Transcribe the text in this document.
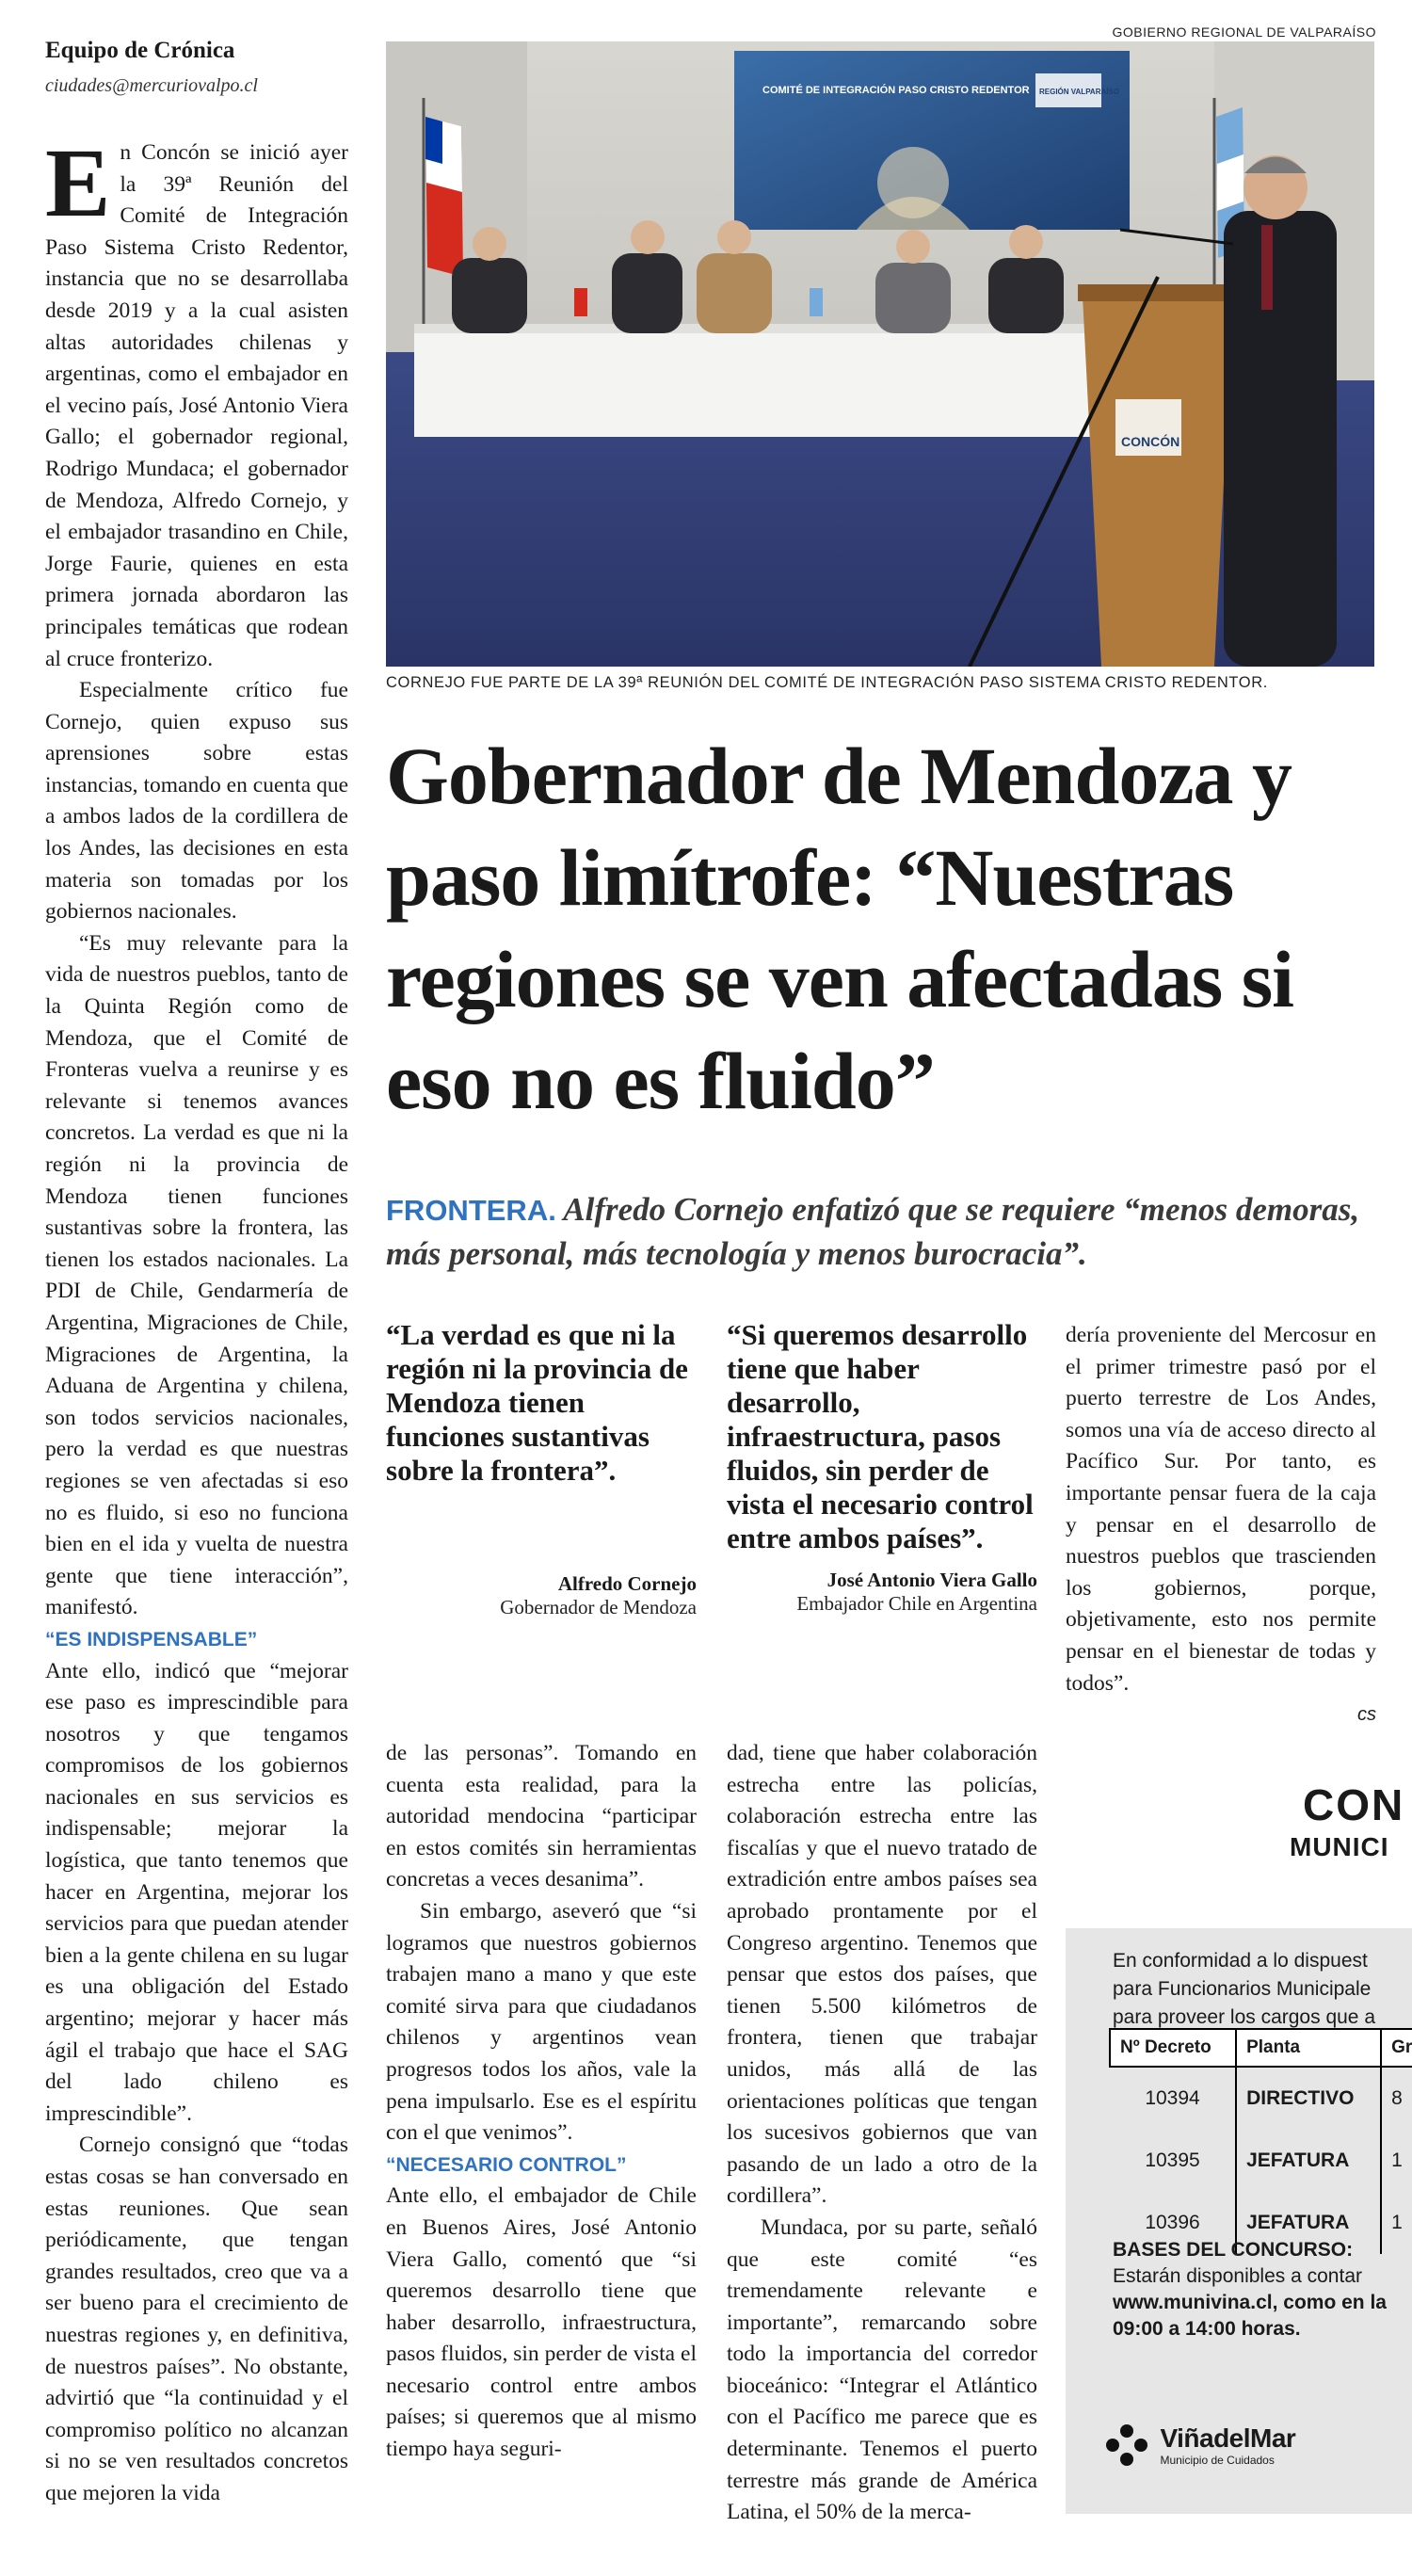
Equipo de Crónica
ciudades@mercuriovalpo.cl

En Concón se inició ayer la 39ª Reunión del Comité de Integración Paso Sistema Cristo Redentor, instancia que no se desarrollaba desde 2019 y a la cual asisten altas autoridades chilenas y argentinas, como el embajador en el vecino país, José Antonio Viera Gallo; el gobernador regional, Rodrigo Mundaca; el gobernador de Mendoza, Alfredo Cornejo, y el embajador trasandino en Chile, Jorge Faurie, quienes en esta primera jornada abordaron las principales temáticas que rodean al cruce fronterizo.

Especialmente crítico fue Cornejo, quien expuso sus aprensiones sobre estas instancias, tomando en cuenta que a ambos lados de la cordillera de los Andes, las decisiones en esta materia son tomadas por los gobiernos nacionales.

“Es muy relevante para la vida de nuestros pueblos, tanto de la Quinta Región como de Mendoza, que el Comité de Fronteras vuelva a reunirse y es relevante si tenemos avances concretos. La verdad es que ni la región ni la provincia de Mendoza tienen funciones sustantivas sobre la frontera, las tienen los estados nacionales. La PDI de Chile, Gendarmería de Argentina, Migraciones de Chile, Migraciones de Argentina, la Aduana de Argentina y chilena, son todos servicios nacionales, pero la verdad es que nuestras regiones se ven afectadas si eso no es fluido, si eso no funciona bien en el ida y vuelta de nuestra gente que tiene interacción”, manifestó.

“ES INDISPENSABLE”

Ante ello, indicó que “mejorar ese paso es imprescindible para nosotros y que tengamos compromisos de los gobiernos nacionales en sus servicios es indispensable; mejorar la logística, que tanto tenemos que hacer en Argentina, mejorar los servicios para que puedan atender bien a la gente chilena en su lugar es una obligación del Estado argentino; mejorar y hacer más ágil el trabajo que hace el SAG del lado chileno es imprescindible”.

Cornejo consignó que “todas estas cosas se han conversado en estas reuniones. Que sean periódicamente, que tengan grandes resultados, creo que va a ser bueno para el crecimiento de nuestras regiones y, en definitiva, de nuestros países”. No obstante, advirtió que “la continuidad y el compromiso político no alcanzan si no se ven resultados concretos que mejoren la vida

GOBIERNO REGIONAL DE VALPARAÍSO
COMITÉ DE INTEGRACIÓN PASO CRISTO REDENTOR REGIÓN VALPARAÍSO
CONCÓN
CORNEJO FUE PARTE DE LA 39ª REUNIÓN DEL COMITÉ DE INTEGRACIÓN PASO SISTEMA CRISTO REDENTOR.
Gobernador de Mendoza y paso limítrofe: “Nuestras regiones se ven afectadas si eso no es fluido”
FRONTERA. Alfredo Cornejo enfatizó que se requiere “menos demoras, más personal, más tecnología y menos burocracia”.
“La verdad es que ni la región ni la provincia de Mendoza tienen funciones sustantivas sobre la frontera”.
Alfredo Cornejo
Gobernador de Mendoza
“Si queremos desarrollo tiene que haber desarrollo, infraestructura, pasos fluidos, sin perder de vista el necesario control entre ambos países”.
José Antonio Viera Gallo
Embajador Chile en Argentina

dería proveniente del Mercosur en el primer trimestre pasó por el puerto terrestre de Los Andes, somos una vía de acceso directo al Pacífico Sur. Por tanto, es importante pensar fuera de la caja y pensar en el desarrollo de nuestros pueblos que trascienden los gobiernos, porque, objetivamente, esto nos permite pensar en el bienestar de todas y todos”.

cs

de las personas”. Tomando en cuenta esta realidad, para la autoridad mendocina “participar en estos comités sin herramientas concretas a veces desanima”.

Sin embargo, aseveró que “si logramos que nuestros gobiernos trabajen mano a mano y que este comité sirva para que ciudadanos chilenos y argentinos vean progresos todos los años, vale la pena impulsarlo. Ese es el espíritu con el que venimos”.

“NECESARIO CONTROL”

Ante ello, el embajador de Chile en Buenos Aires, José Antonio Viera Gallo, comentó que “si queremos desarrollo tiene que haber desarrollo, infraestructura, pasos fluidos, sin perder de vista el necesario control entre ambos países; si queremos que al mismo tiempo haya seguri-

dad, tiene que haber colaboración estrecha entre las policías, colaboración estrecha entre las fiscalías y que el nuevo tratado de extradición entre ambos países sea aprobado prontamente por el Congreso argentino. Tenemos que pensar que estos dos países, que tienen 5.500 kilómetros de frontera, tienen que trabajar unidos, más allá de las orientaciones políticas que tengan los sucesivos gobiernos que van pasando de un lado a otro de la cordillera”.

Mundaca, por su parte, señaló que este comité “es tremendamente relevante e importante”, remarcando sobre todo la importancia del corredor bioceánico: “Integrar el Atlántico con el Pacífico me parece que es determinante. Tenemos el puerto terrestre más grande de América Latina, el 50% de la merca-

CON
MUNICI
En conformidad a lo dispuest
para Funcionarios Municipale
para proveer los cargos que a
Nº Decreto	Planta	Gr
10394	DIRECTIVO	8
10395	JEFATURA	1
10396	JEFATURA	1
BASES DEL CONCURSO:
Estarán disponibles a contar
www.munivina.cl, como en la
09:00 a 14:00 horas.

ViñadelMar
Municipio de Cuidados
